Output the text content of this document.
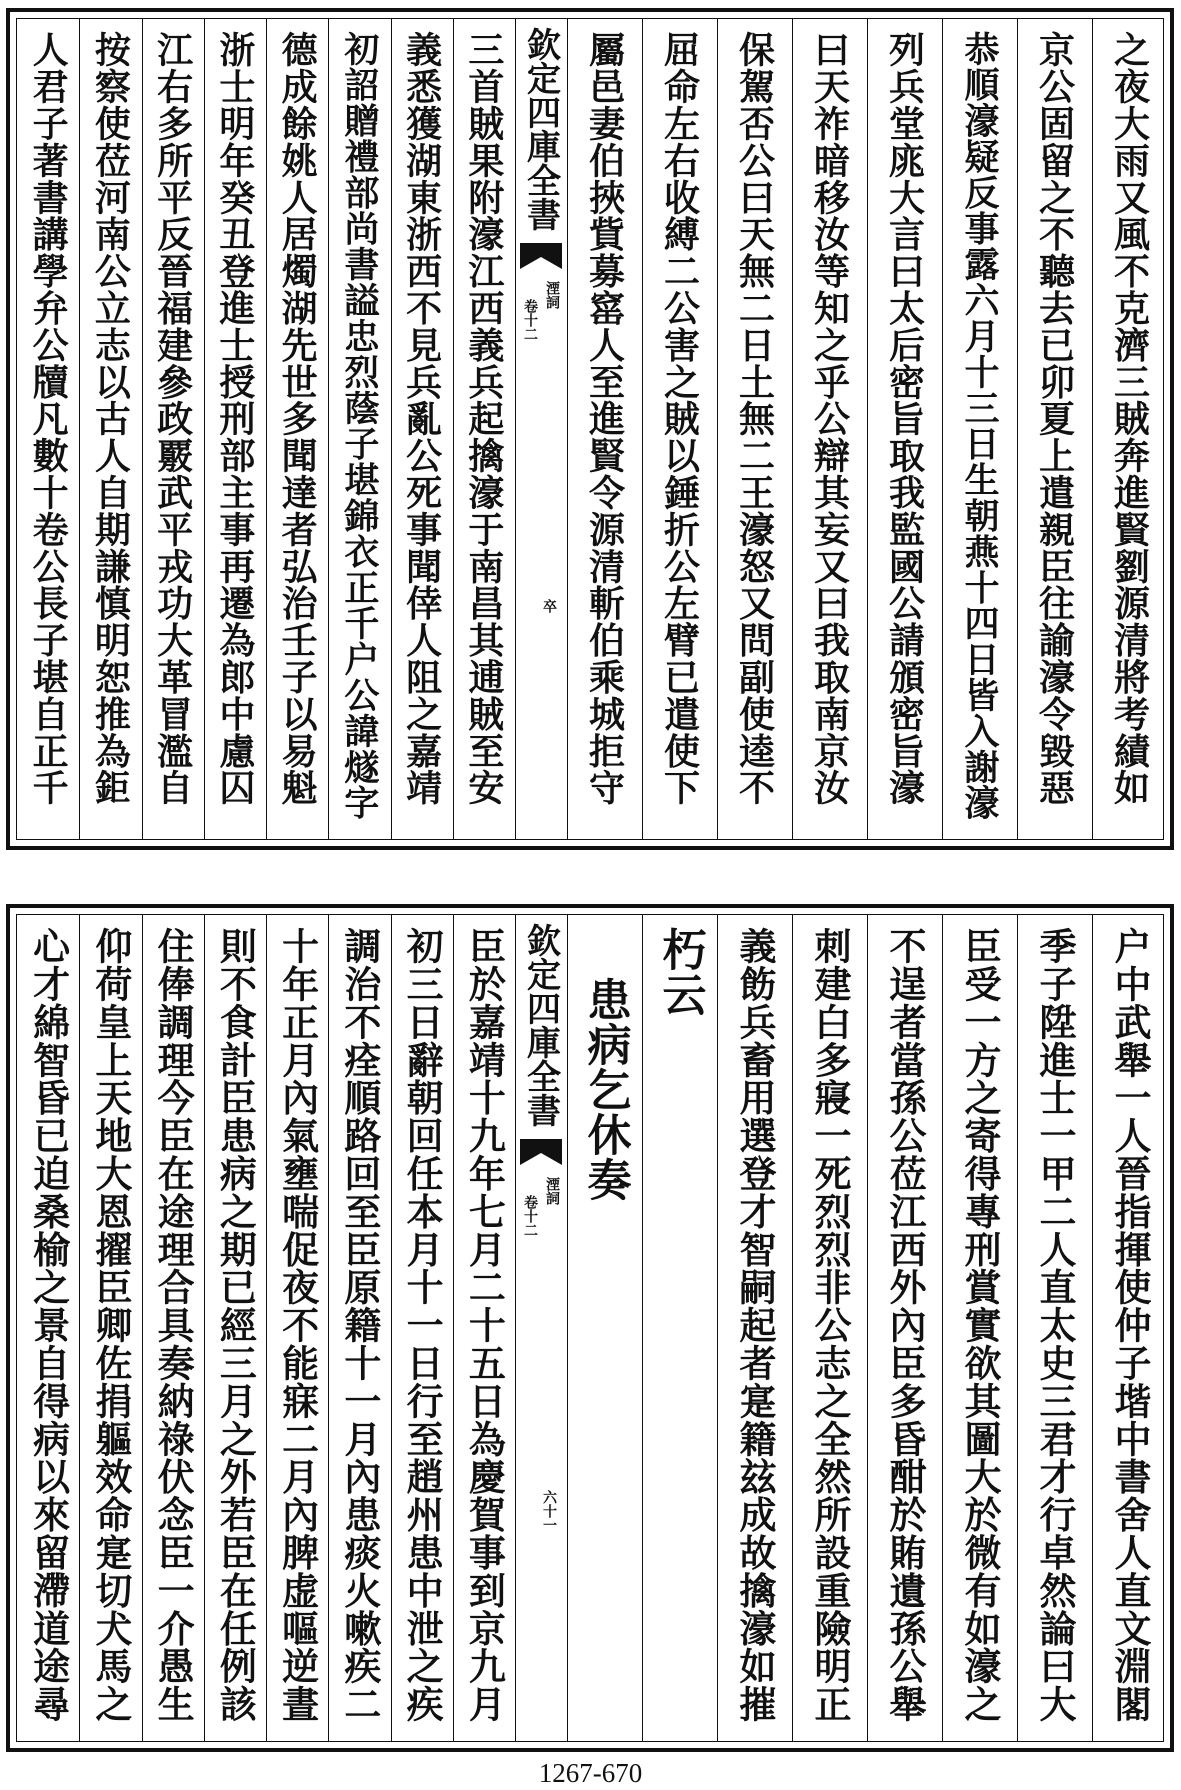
欽定四庫全書
湮詞
卷十二
卒	之夜大雨又風不克濟三賊奔進賢劉源清將考績如
京公固留之不聽去已卯夏上遣親臣往諭濠令毀惡
恭順濠疑反事露六月十三日生朝燕十四日皆入謝濠
列兵堂庣大言曰太后密旨取我監國公請頒密旨濠
曰天祚暗移汝等知之乎公辯其妄又曰我取南京汝
保駕否公曰天無二日土無二王濠怒又問副使逵不
屈命左右收縛二公害之賊以錘折公左臂已遣使下
屬邑妻伯挾貲募窰人至進賢令源清斬伯乘城拒守
三首賊果附濠江西義兵起擒濠于南昌其逋賊至安
義悉獲湖東浙西不見兵亂公死事聞倖人阻之嘉靖
初詔贈禮部尚書謚忠烈蔭子堪錦衣正千户公諱燧字
德成餘姚人居燭湖先世多聞達者弘治壬子以易魁
浙士明年癸丑登進士授刑部主事再遷為郎中慮囚
江右多所平反晉福建參政覈武平戎功大革冒濫自
按察使莅河南公立志以古人自期謙慎明恕推為鉅
人君子著書講學弁公牘凡數十卷公長子堪自正千
欽定四庫全書
湮詞
卷十二
六十一	户中武舉一人晉指揮使仲子堦中書舍人直文淵閣
季子陞進士一甲二人直太史三君才行卓然論曰大
臣受一方之寄得專刑賞實欲其圖大於微有如濠之
不逞者當孫公莅江西外內臣多昏酣於賄遺孫公舉
刺建白多寢一死烈烈非公志之全然所設重險明正
義飭兵畜用選登才智嗣起者寔籍玆成故擒濠如摧
朽云
患病乞休奏
臣於嘉靖十九年七月二十五日為慶賀事到京九月
初三日辭朝回任本月十一日行至趙州患中泄之疾
調治不痊順路回至臣原籍十一月內患痰火嗽疾二
十年正月內氣壅喘促夜不能寐二月內脾虚嘔逆晝
則不食計臣患病之期已經三月之外若臣在任例該
住俸調理今臣在途理合具奏納祿伏念臣一介愚生
仰荷皇上天地大恩擢臣卿佐捐軀效命寔切犬馬之
心才綿智昏已迫桑榆之景自得病以來留滯道途尋
1267-670
